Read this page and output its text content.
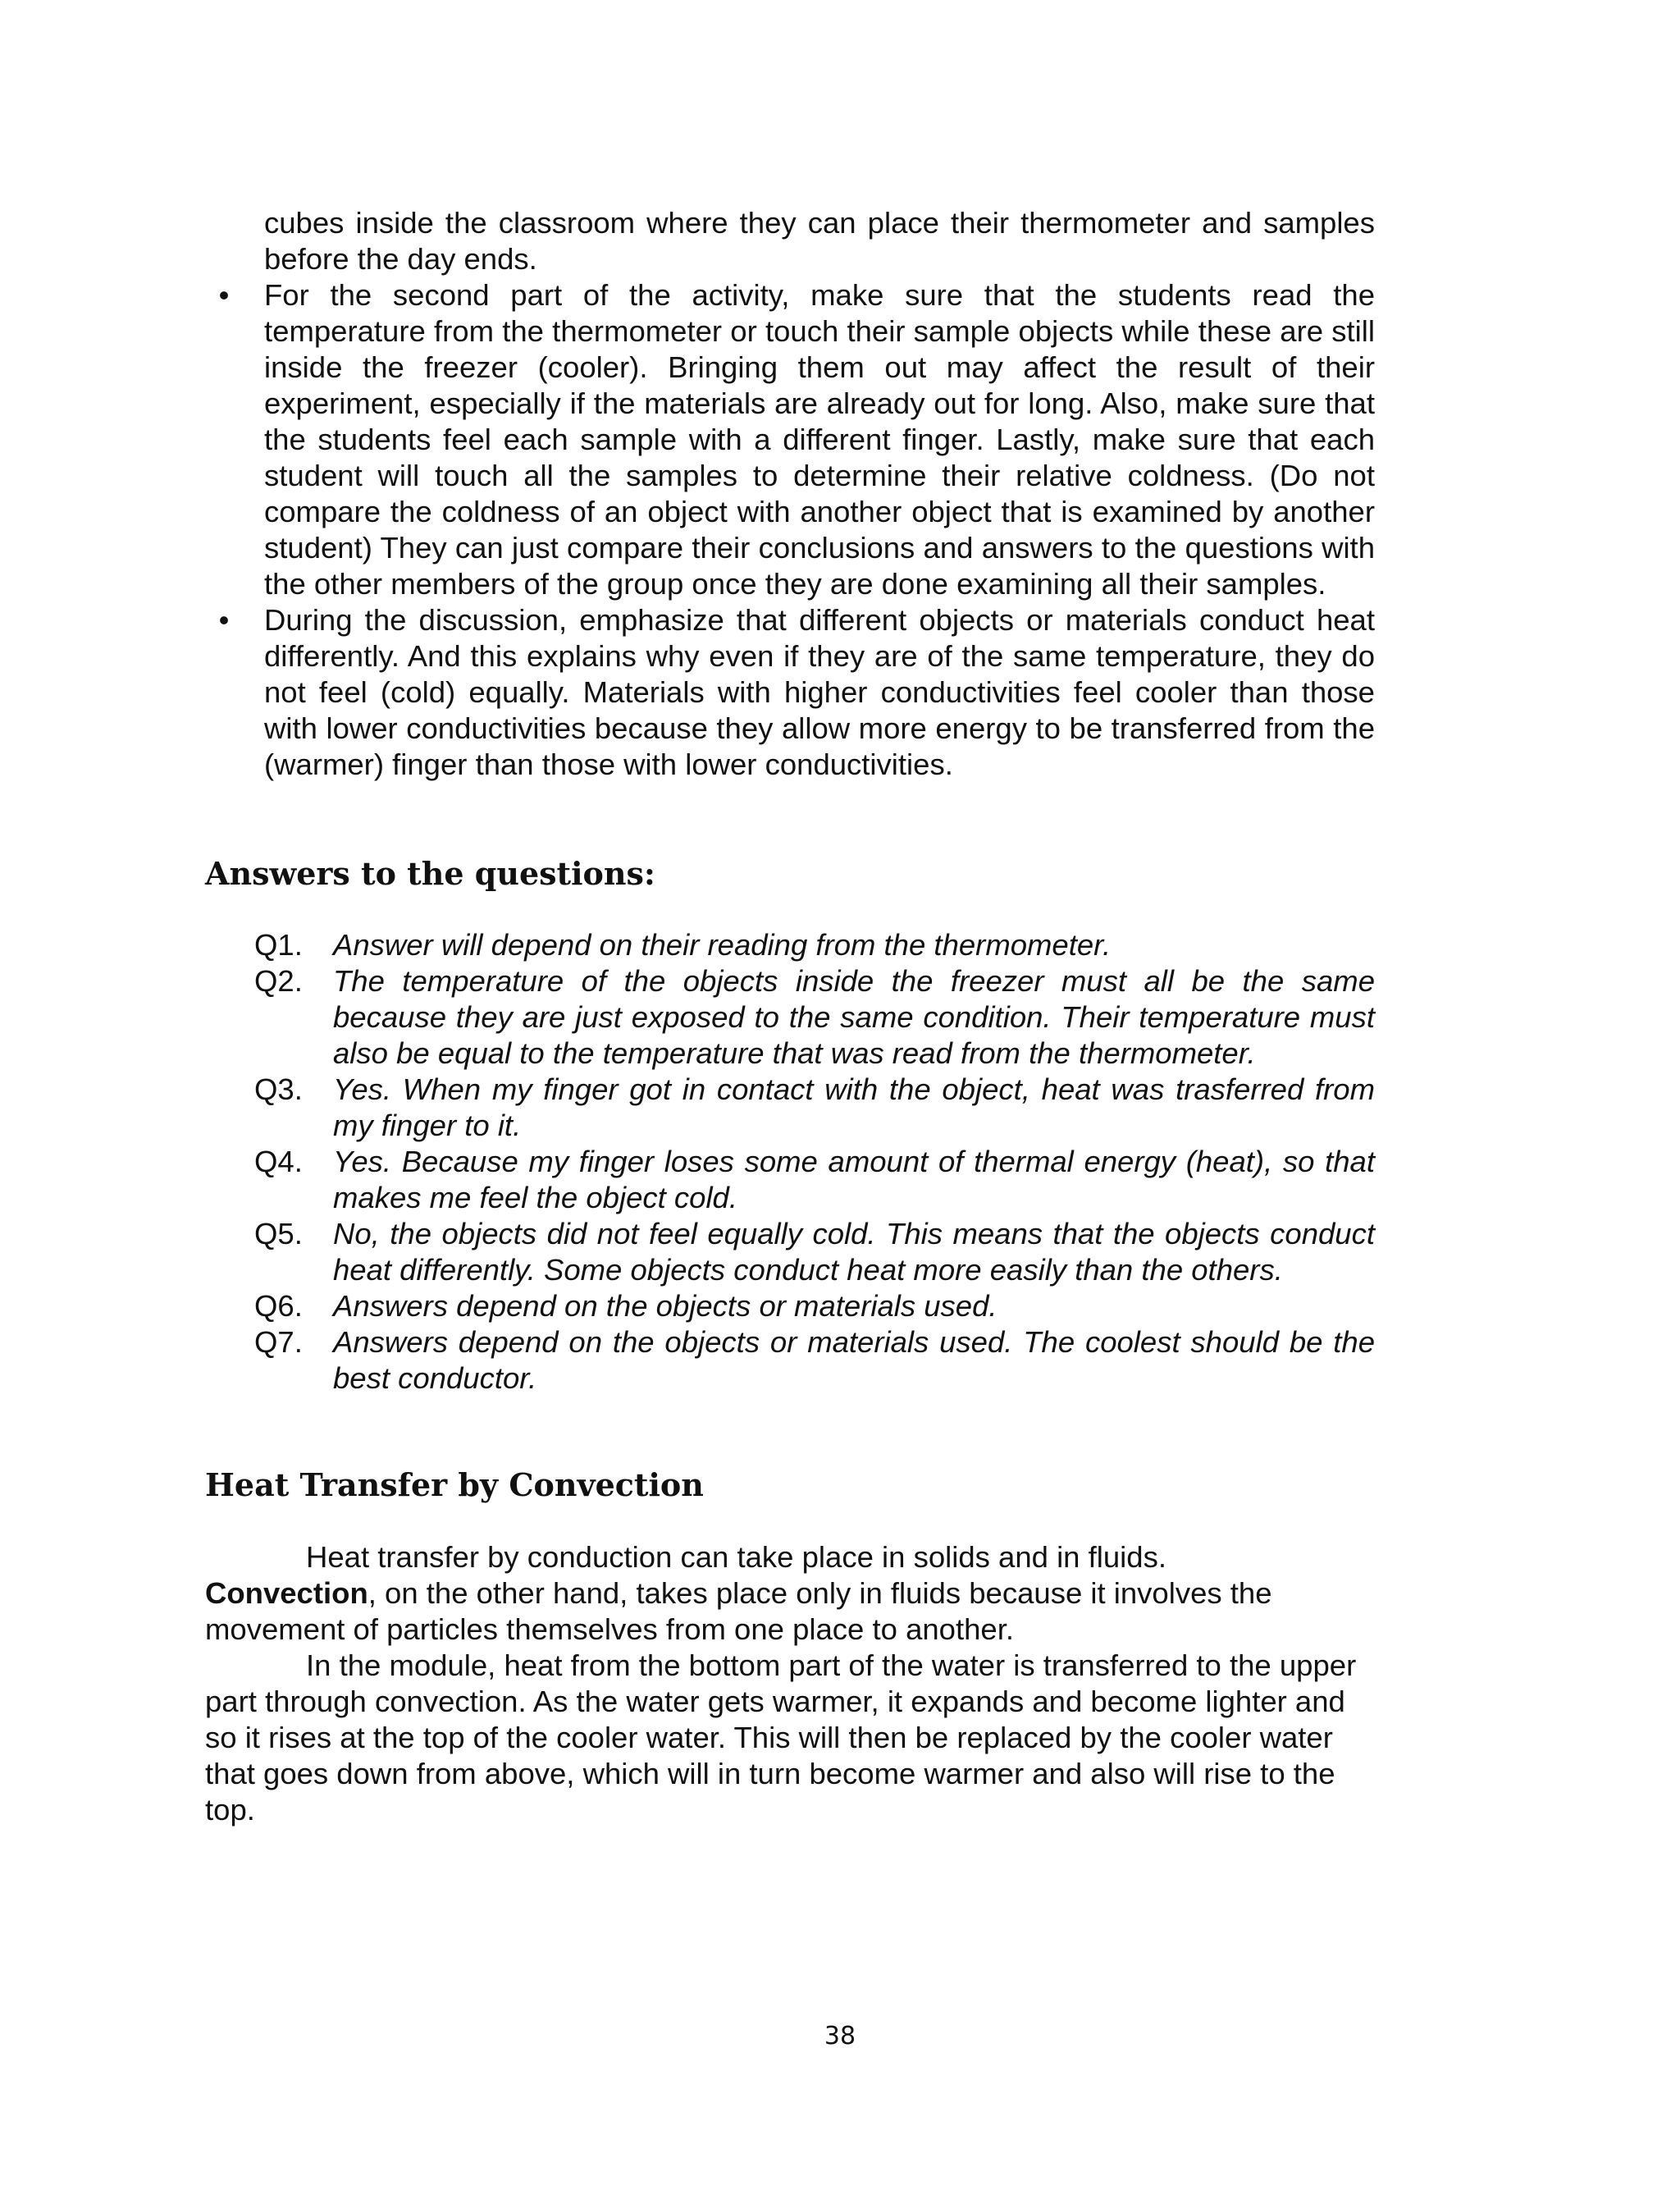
cubes inside the classroom where they can place their thermometer and samples before the day ends.

• For the second part of the activity, make sure that the students read the temperature from the thermometer or touch their sample objects while these are still inside the freezer (cooler). Bringing them out may affect the result of their experiment, especially if the materials are already out for long. Also, make sure that the students feel each sample with a different finger. Lastly, make sure that each student will touch all the samples to determine their relative coldness. (Do not compare the coldness of an object with another object that is examined by another student) They can just compare their conclusions and answers to the questions with the other members of the group once they are done examining all their samples.

• During the discussion, emphasize that different objects or materials conduct heat differently. And this explains why even if they are of the same temperature, they do not feel (cold) equally. Materials with higher conductivities feel cooler than those with lower conductivities because they allow more energy to be transferred from the (warmer) finger than those with lower conductivities.

Answers to the questions:
Q1. Answer will depend on their reading from the thermometer.
Q2. The temperature of the objects inside the freezer must all be the same because they are just exposed to the same condition. Their temperature must also be equal to the temperature that was read from the thermometer.
Q3. Yes. When my finger got in contact with the object, heat was trasferred from my finger to it.
Q4. Yes. Because my finger loses some amount of thermal energy (heat), so that makes me feel the object cold.
Q5. No, the objects did not feel equally cold. This means that the objects conduct heat differently. Some objects conduct heat more easily than the others.
Q6. Answers depend on the objects or materials used.
Q7. Answers depend on the objects or materials used. The coolest should be the best conductor.
Heat Transfer by Convection

Heat transfer by conduction can take place in solids and in fluids.
Convection, on the other hand, takes place only in fluids because it involves the movement of particles themselves from one place to another.

In the module, heat from the bottom part of the water is transferred to the upper part through convection. As the water gets warmer, it expands and become lighter and so it rises at the top of the cooler water. This will then be replaced by the cooler water that goes down from above, which will in turn become warmer and also will rise to the top.

38
